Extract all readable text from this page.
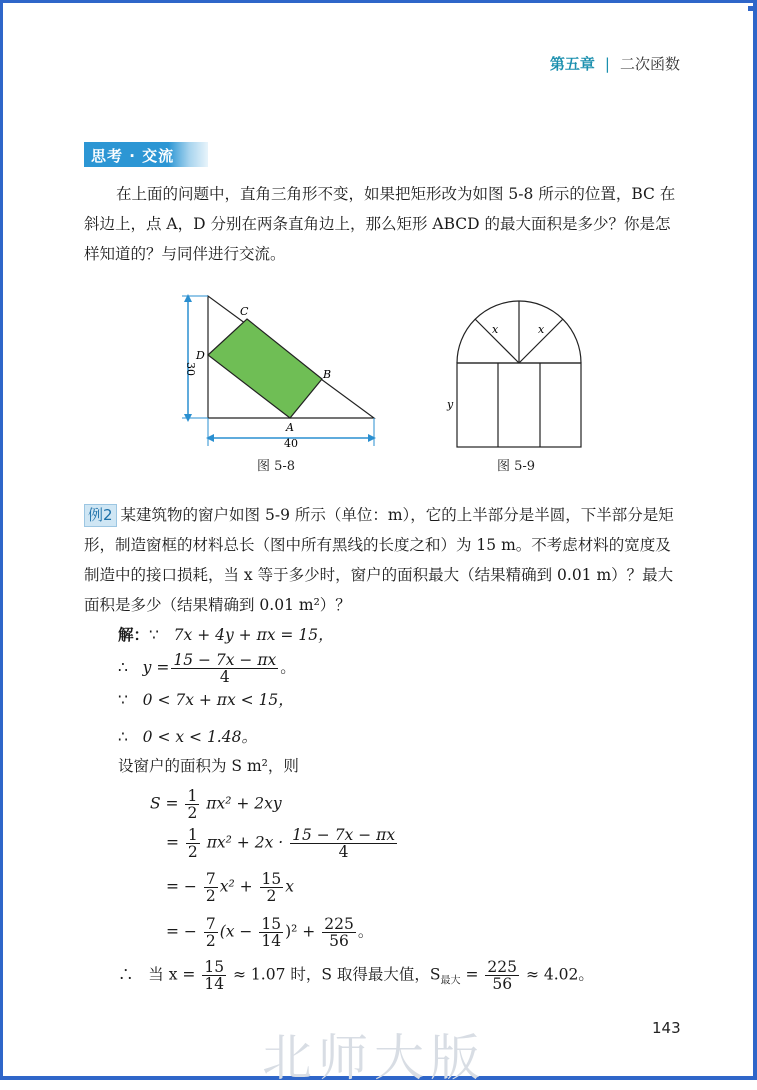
第五章 | 二次函数
思考 · 交流
在上面的问题中，直角三角形不变，如果把矩形改为如图 5-8 所示的位置，BC 在斜边上，点 A，D 分别在两条直角边上，那么矩形 ABCD 的最大面积是多少？你是怎样知道的？与同伴进行交流。
C
D
B
A
40
30
图 5-8
x	x
y
图 5-9
例2 某建筑物的窗户如图 5-9 所示（单位：m），它的上半部分是半圆，下半部分是矩形，制造窗框的材料总长（图中所有黑线的长度之和）为 15 m。不考虑材料的宽度及制造中的接口损耗，当 x 等于多少时，窗户的面积最大（结果精确到 0.01 m）？最大面积是多少（结果精确到 0.01 m²）？
解：∵ 7x + 4y + πx = 15，
∴ $y = \frac{15 - 7x - \pi x}{4}$ 。
∵ 0 < 7x + πx < 15，
∴ 0 < x < 1.48。
设窗户的面积为 S m²，则
$S = \frac{1}{2} \pi x^2 + 2xy$
= $\frac{1}{2} \pi x^2 + 2x \cdot \frac{15 - 7x - \pi x}{4}$
= − $\frac{7}{2} x^2 + \frac{15}{2}$ x
= − $\frac{7}{2} (x - \frac{15}{14} )^2 + \frac{225}{56}$ 。
∴ 当 $x = \frac{15}{14} \approx 1.07$ 时，S 取得最大值，$S_{最大} = \frac{225}{56} \approx 4.02$。
143
北师大版
